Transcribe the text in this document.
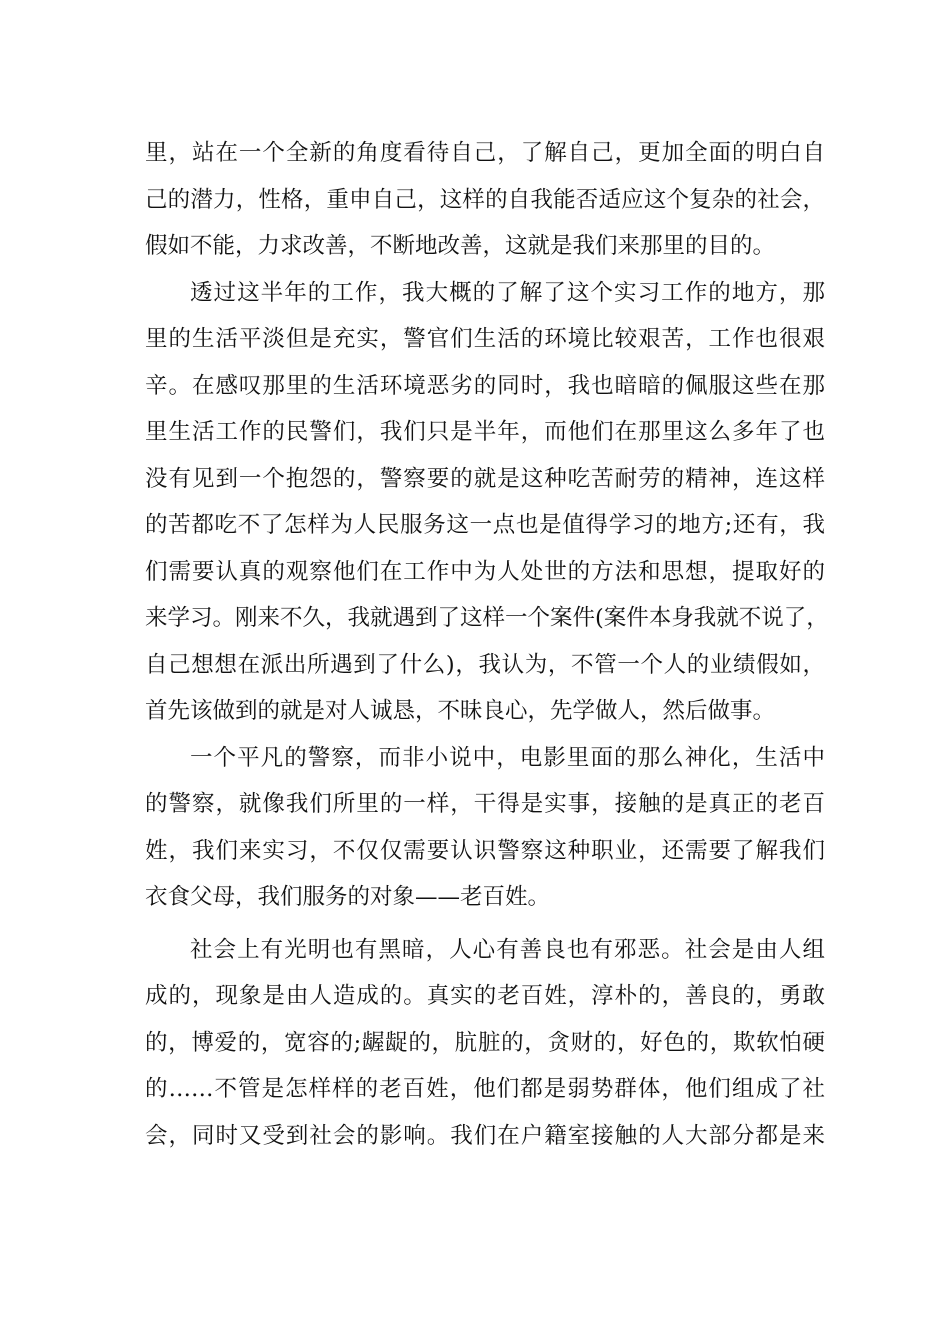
里，站在一个全新的角度看待自己，了解自己，更加全面的明白自
己的潜力，性格，重申自己，这样的自我能否适应这个复杂的社会，
假如不能，力求改善，不断地改善，这就是我们来那里的目的。
透过这半年的工作，我大概的了解了这个实习工作的地方，那
里的生活平淡但是充实，警官们生活的环境比较艰苦，工作也很艰
辛。在感叹那里的生活环境恶劣的同时，我也暗暗的佩服这些在那
里生活工作的民警们，我们只是半年，而他们在那里这么多年了也
没有见到一个抱怨的，警察要的就是这种吃苦耐劳的精神，连这样
的苦都吃不了怎样为人民服务这一点也是值得学习的地方;还有，我
们需要认真的观察他们在工作中为人处世的方法和思想，提取好的
来学习。刚来不久，我就遇到了这样一个案件(案件本身我就不说了，
自己想想在派出所遇到了什么)，我认为，不管一个人的业绩假如，
首先该做到的就是对人诚恳，不昧良心，先学做人，然后做事。
一个平凡的警察，而非小说中，电影里面的那么神化，生活中
的警察，就像我们所里的一样，干得是实事，接触的是真正的老百
姓，我们来实习，不仅仅需要认识警察这种职业，还需要了解我们
衣食父母，我们服务的对象——老百姓。
社会上有光明也有黑暗，人心有善良也有邪恶。社会是由人组
成的，现象是由人造成的。真实的老百姓，淳朴的，善良的，勇敢
的，博爱的，宽容的;龌龊的，肮脏的，贪财的，好色的，欺软怕硬
的……不管是怎样样的老百姓，他们都是弱势群体，他们组成了社
会，同时又受到社会的影响。我们在户籍室接触的人大部分都是来
